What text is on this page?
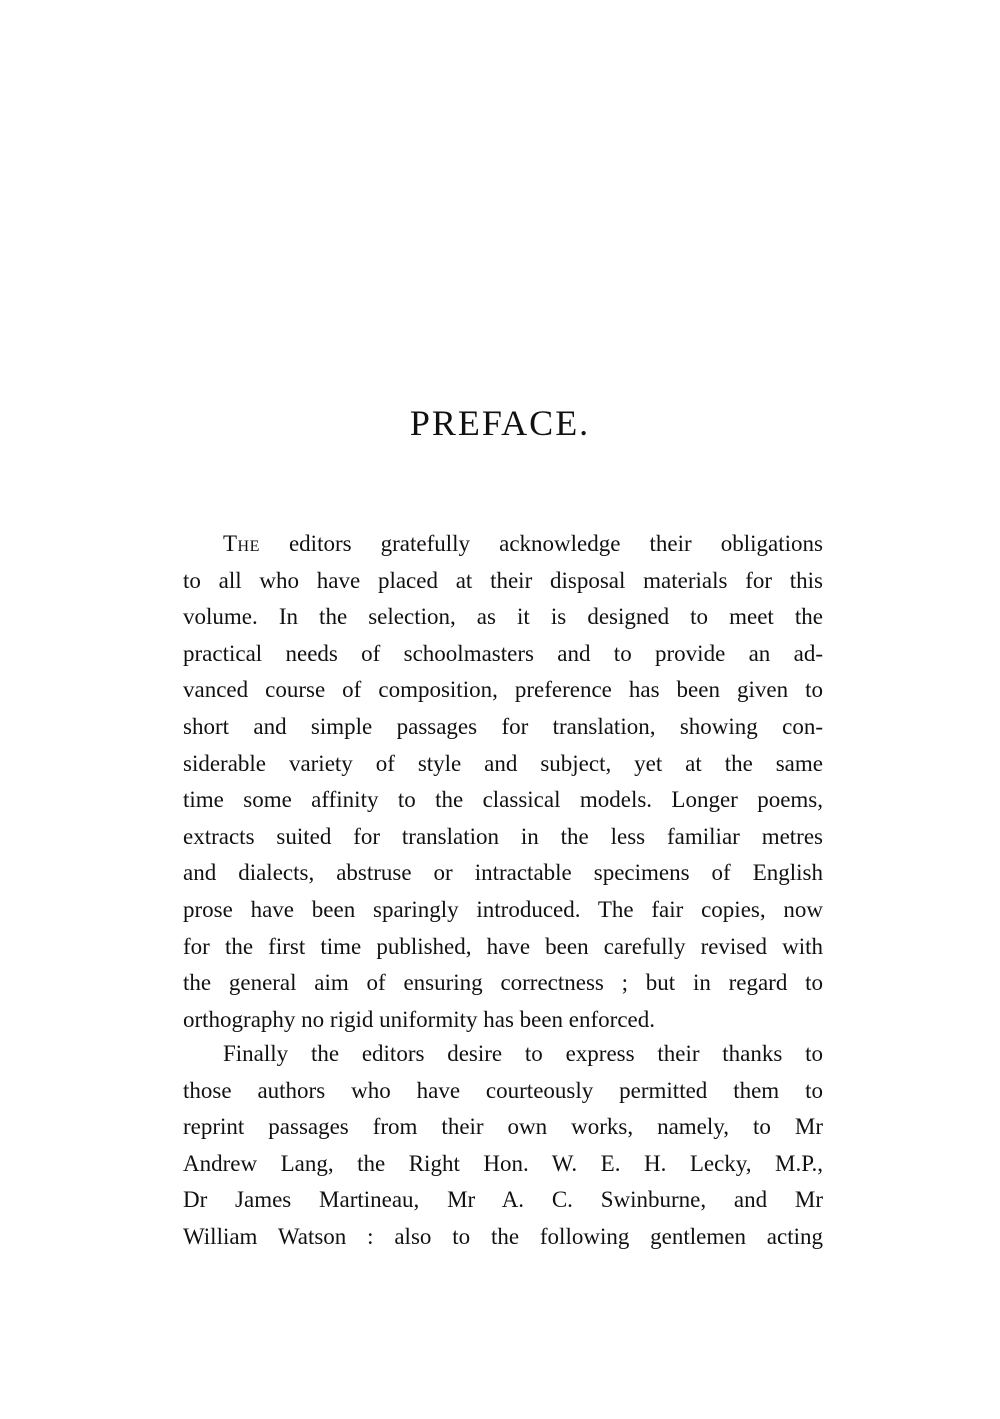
PREFACE.
The editors gratefully acknowledge their obligations
to all who have placed at their disposal materials for this
volume. In the selection, as it is designed to meet the
practical needs of schoolmasters and to provide an ad-
vanced course of composition, preference has been given to
short and simple passages for translation, showing con-
siderable variety of style and subject, yet at the same
time some affinity to the classical models. Longer poems,
extracts suited for translation in the less familiar metres
and dialects, abstruse or intractable specimens of English
prose have been sparingly introduced. The fair copies, now
for the first time published, have been carefully revised with
the general aim of ensuring correctness ; but in regard to
orthography no rigid uniformity has been enforced.
Finally the editors desire to express their thanks to
those authors who have courteously permitted them to
reprint passages from their own works, namely, to Mr
Andrew Lang, the Right Hon. W. E. H. Lecky, M.P.,
Dr James Martineau, Mr A. C. Swinburne, and Mr
William Watson : also to the following gentlemen acting
